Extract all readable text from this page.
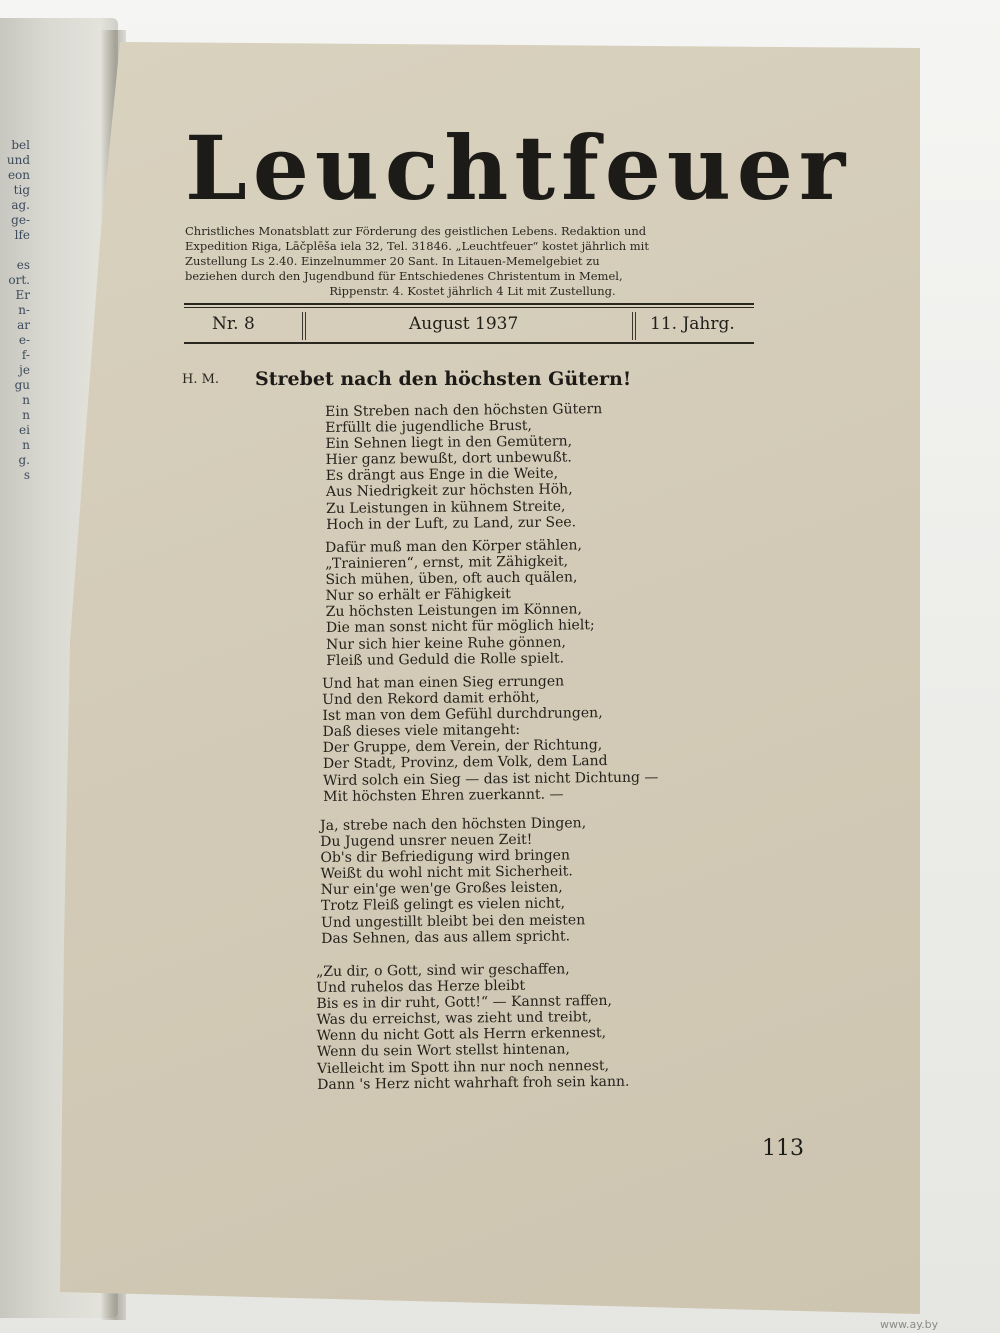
bel
und
eon
tig
ag.
ge-
lfe
es
ort.
Er
n-
ar
e-
f-
je
gu
n
n
ei
n
g.
s
Leuchtfeuer
Christliches Monatsblatt zur Förderung des geistlichen Lebens. Redaktion und
Expedition Riga, Lāčplēša iela 32, Tel. 31846. „Leuchtfeuer“ kostet jährlich mit
Zustellung Ls 2.40. Einzelnummer 20 Sant. In Litauen-Memelgebiet zu
beziehen durch den Jugendbund für Entschiedenes Christentum in Memel,
Rippenstr. 4. Kostet jährlich 4 Lit mit Zustellung.
Nr. 8	August 1937	11. Jahrg.
H. M. Strebet nach den höchsten Gütern!
Ein Streben nach den höchsten Gütern
Erfüllt die jugendliche Brust,
Ein Sehnen liegt in den Gemütern,
Hier ganz bewußt, dort unbewußt.
Es drängt aus Enge in die Weite,
Aus Niedrigkeit zur höchsten Höh,
Zu Leistungen in kühnem Streite,
Hoch in der Luft, zu Land, zur See.
Dafür muß man den Körper stählen,
„Trainieren“, ernst, mit Zähigkeit,
Sich mühen, üben, oft auch quälen,
Nur so erhält er Fähigkeit
Zu höchsten Leistungen im Können,
Die man sonst nicht für möglich hielt;
Nur sich hier keine Ruhe gönnen,
Fleiß und Geduld die Rolle spielt.
Und hat man einen Sieg errungen
Und den Rekord damit erhöht,
Ist man von dem Gefühl durchdrungen,
Daß dieses viele mitangeht:
Der Gruppe, dem Verein, der Richtung,
Der Stadt, Provinz, dem Volk, dem Land
Wird solch ein Sieg — das ist nicht Dichtung —
Mit höchsten Ehren zuerkannt. —
Ja, strebe nach den höchsten Dingen,
Du Jugend unsrer neuen Zeit!
Ob's dir Befriedigung wird bringen
Weißt du wohl nicht mit Sicherheit.
Nur ein'ge wen'ge Großes leisten,
Trotz Fleiß gelingt es vielen nicht,
Und ungestillt bleibt bei den meisten
Das Sehnen, das aus allem spricht.
„Zu dir, o Gott, sind wir geschaffen,
Und ruhelos das Herze bleibt
Bis es in dir ruht, Gott!“ — Kannst raffen,
Was du erreichst, was zieht und treibt,
Wenn du nicht Gott als Herrn erkennest,
Wenn du sein Wort stellst hintenan,
Vielleicht im Spott ihn nur noch nennest,
Dann 's Herz nicht wahrhaft froh sein kann.
113
www.ay.by
